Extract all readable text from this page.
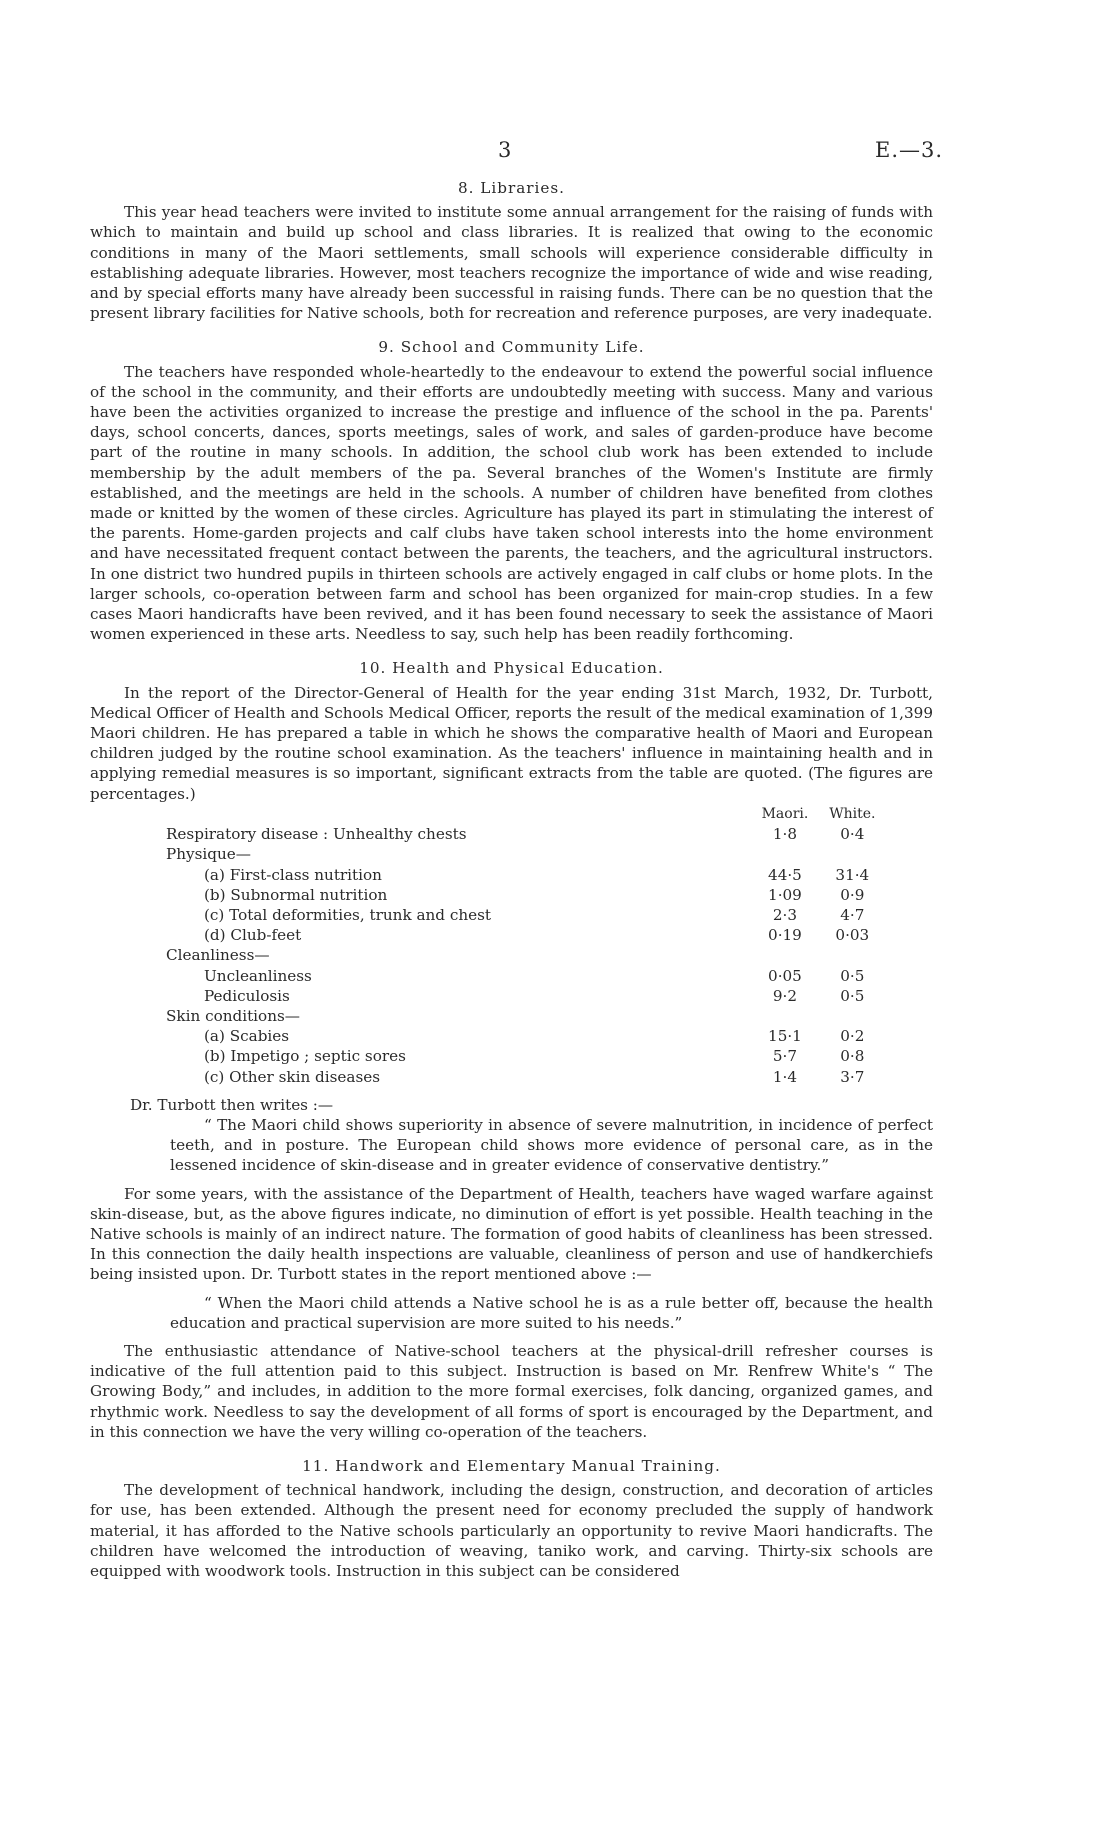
3	E.—3.
8. Libraries.

This year head teachers were invited to institute some annual arrangement for the raising of funds with which to maintain and build up school and class libraries. It is realized that owing to the economic conditions in many of the Maori settlements, small schools will experience considerable difficulty in establishing adequate libraries. However, most teachers recognize the importance of wide and wise reading, and by special efforts many have already been successful in raising funds. There can be no question that the present library facilities for Native schools, both for recreation and reference purposes, are very inadequate.

9. School and Community Life.

The teachers have responded whole-heartedly to the endeavour to extend the powerful social influence of the school in the community, and their efforts are undoubtedly meeting with success. Many and various have been the activities organized to increase the prestige and influence of the school in the pa. Parents' days, school concerts, dances, sports meetings, sales of work, and sales of garden-produce have become part of the routine in many schools. In addition, the school club work has been extended to include membership by the adult members of the pa. Several branches of the Women's Institute are firmly established, and the meetings are held in the schools. A number of children have benefited from clothes made or knitted by the women of these circles. Agriculture has played its part in stimulating the interest of the parents. Home-garden projects and calf clubs have taken school interests into the home environment and have necessitated frequent contact between the parents, the teachers, and the agricultural instructors. In one district two hundred pupils in thirteen schools are actively engaged in calf clubs or home plots. In the larger schools, co-operation between farm and school has been organized for main-crop studies. In a few cases Maori handicrafts have been revived, and it has been found necessary to seek the assistance of Maori women experienced in these arts. Needless to say, such help has been readily forthcoming.

10. Health and Physical Education.

In the report of the Director-General of Health for the year ending 31st March, 1932, Dr. Turbott, Medical Officer of Health and Schools Medical Officer, reports the result of the medical examination of 1,399 Maori children. He has prepared a table in which he shows the comparative health of Maori and European children judged by the routine school examination. As the teachers' influence in maintaining health and in applying remedial measures is so important, significant extracts from the table are quoted. (The figures are percentages.)

	Maori.	White.
Respiratory disease : Unhealthy chests	1·8	0·4
Physique—		
(a) First-class nutrition	44·5	31·4
(b) Subnormal nutrition	1·09	0·9
(c) Total deformities, trunk and chest	2·3	4·7
(d) Club-feet	0·19	0·03
Cleanliness—		
Uncleanliness	0·05	0·5
Pediculosis	9·2	0·5
Skin conditions—		
(a) Scabies	15·1	0·2
(b) Impetigo ; septic sores	5·7	0·8
(c) Other skin diseases	1·4	3·7
Dr. Turbott then writes :—

“ The Maori child shows superiority in absence of severe malnutrition, in incidence of perfect teeth, and in posture. The European child shows more evidence of personal care, as in the lessened incidence of skin-disease and in greater evidence of conservative dentistry.”

For some years, with the assistance of the Department of Health, teachers have waged warfare against skin-disease, but, as the above figures indicate, no diminution of effort is yet possible. Health teaching in the Native schools is mainly of an indirect nature. The formation of good habits of cleanliness has been stressed. In this connection the daily health inspections are valuable, cleanliness of person and use of handkerchiefs being insisted upon. Dr. Turbott states in the report mentioned above :—

“ When the Maori child attends a Native school he is as a rule better off, because the health education and practical supervision are more suited to his needs.”

The enthusiastic attendance of Native-school teachers at the physical-drill refresher courses is indicative of the full attention paid to this subject. Instruction is based on Mr. Renfrew White's “ The Growing Body,” and includes, in addition to the more formal exercises, folk dancing, organized games, and rhythmic work. Needless to say the development of all forms of sport is encouraged by the Department, and in this connection we have the very willing co-operation of the teachers.

11. Handwork and Elementary Manual Training.

The development of technical handwork, including the design, construction, and decoration of articles for use, has been extended. Although the present need for economy precluded the supply of handwork material, it has afforded to the Native schools particularly an opportunity to revive Maori handicrafts. The children have welcomed the introduction of weaving, taniko work, and carving. Thirty-six schools are equipped with woodwork tools. Instruction in this subject can be considered
